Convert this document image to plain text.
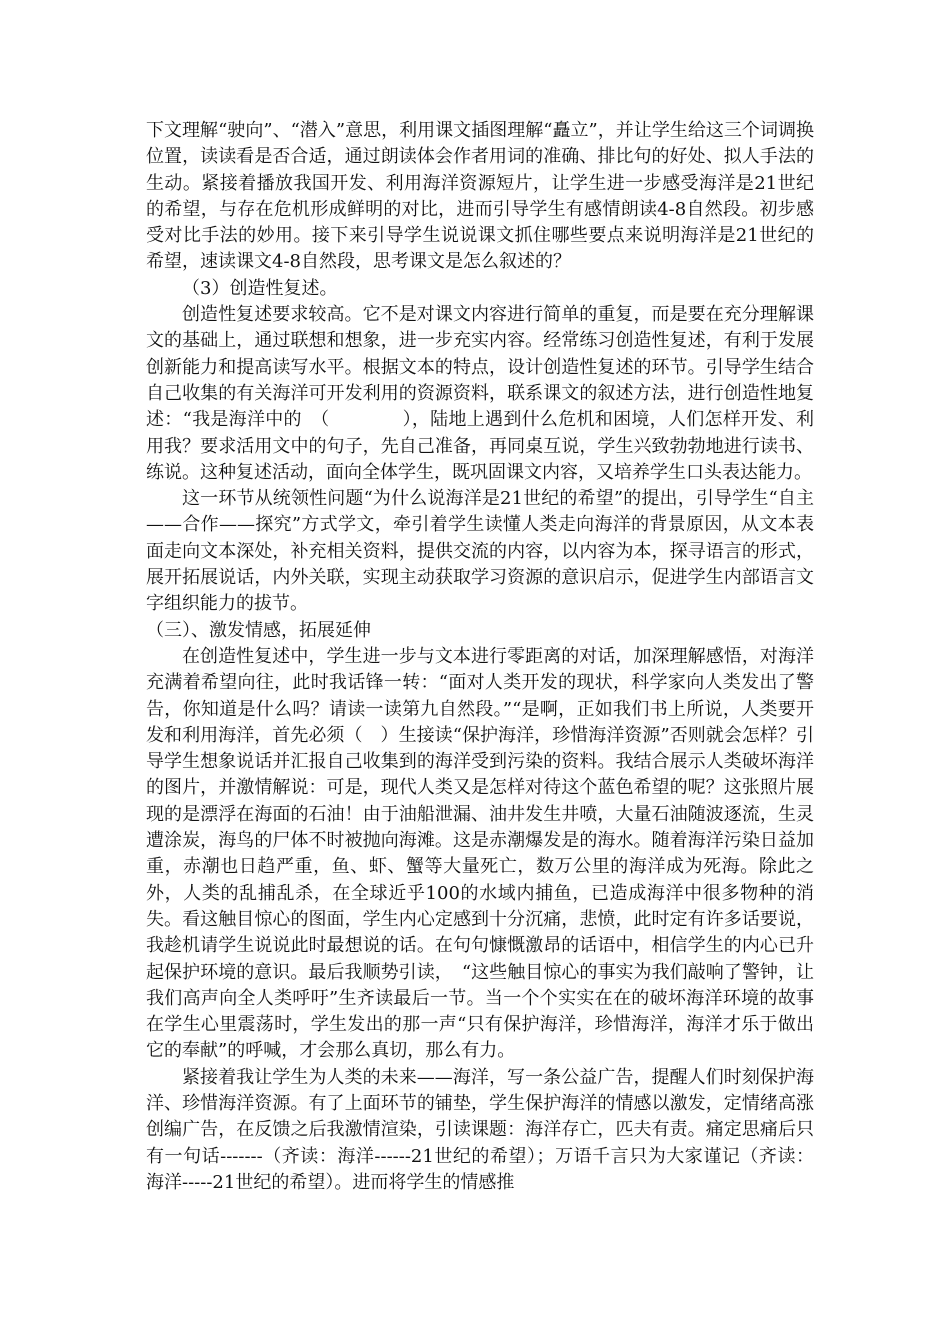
下文理解“驶向”、“潜入”意思，利用课文插图理解“矗立”，并让学生给这三个词调换位置，读读看是否合适，通过朗读体会作者用词的准确、排比句的好处、拟人手法的生动。紧接着播放我国开发、利用海洋资源短片，让学生进一步感受海洋是21世纪的希望，与存在危机形成鲜明的对比，进而引导学生有感情朗读4-8自然段。初步感受对比手法的妙用。接下来引导学生说说课文抓住哪些要点来说明海洋是21世纪的希望，速读课文4-8自然段，思考课文是怎么叙述的？

（3）创造性复述。

创造性复述要求较高。它不是对课文内容进行简单的重复，而是要在充分理解课文的基础上，通过联想和想象，进一步充实内容。经常练习创造性复述，有利于发展创新能力和提高读写水平。根据文本的特点，设计创造性复述的环节。引导学生结合自己收集的有关海洋可开发利用的资源资料，联系课文的叙述方法，进行创造性地复述：“我是海洋中的　（　　　　），陆地上遇到什么危机和困境，人们怎样开发、利用我？要求活用文中的句子，先自己准备，再同桌互说，学生兴致勃勃地进行读书、练说。这种复述活动，面向全体学生，既巩固课文内容，又培养学生口头表达能力。

这一环节从统领性问题“为什么说海洋是21世纪的希望”的提出，引导学生“自主——合作——探究”方式学文，牵引着学生读懂人类走向海洋的背景原因，从文本表面走向文本深处，补充相关资料，提供交流的内容，以内容为本，探寻语言的形式，展开拓展说话，内外关联，实现主动获取学习资源的意识启示，促进学生内部语言文字组织能力的拔节。

（三）、激发情感，拓展延伸

在创造性复述中，学生进一步与文本进行零距离的对话，加深理解感悟，对海洋充满着希望向往，此时我话锋一转：“面对人类开发的现状，科学家向人类发出了警告，你知道是什么吗？请读一读第九自然段。”“是啊，正如我们书上所说，人类要开发和利用海洋，首先必须（　）生接读“保护海洋，珍惜海洋资源”否则就会怎样？引导学生想象说话并汇报自己收集到的海洋受到污染的资料。我结合展示人类破坏海洋的图片，并激情解说：可是，现代人类又是怎样对待这个蓝色希望的呢？这张照片展现的是漂浮在海面的石油！由于油船泄漏、油井发生井喷，大量石油随波逐流，生灵遭涂炭，海鸟的尸体不时被抛向海滩。这是赤潮爆发是的海水。随着海洋污染日益加重，赤潮也日趋严重，鱼、虾、蟹等大量死亡，数万公里的海洋成为死海。除此之外，人类的乱捕乱杀，在全球近乎100的水域内捕鱼，已造成海洋中很多物种的消失。看这触目惊心的图面，学生内心定感到十分沉痛，悲愤，此时定有许多话要说，我趁机请学生说说此时最想说的话。在句句慷慨激昂的话语中，相信学生的内心已升起保护环境的意识。最后我顺势引读，　“这些触目惊心的事实为我们敲响了警钟，让我们高声向全人类呼吁”生齐读最后一节。当一个个实实在在的破坏海洋环境的故事在学生心里震荡时，学生发出的那一声“只有保护海洋，珍惜海洋，海洋才乐于做出它的奉献”的呼喊，才会那么真切，那么有力。

紧接着我让学生为人类的未来——海洋，写一条公益广告，提醒人们时刻保护海洋、珍惜海洋资源。有了上面环节的铺垫，学生保护海洋的情感以激发，定情绪高涨创编广告，在反馈之后我激情渲染，引读课题：海洋存亡，匹夫有责。痛定思痛后只有一句话-------（齐读：海洋------21世纪的希望）；万语千言只为大家谨记（齐读：海洋-----21世纪的希望）。进而将学生的情感推
